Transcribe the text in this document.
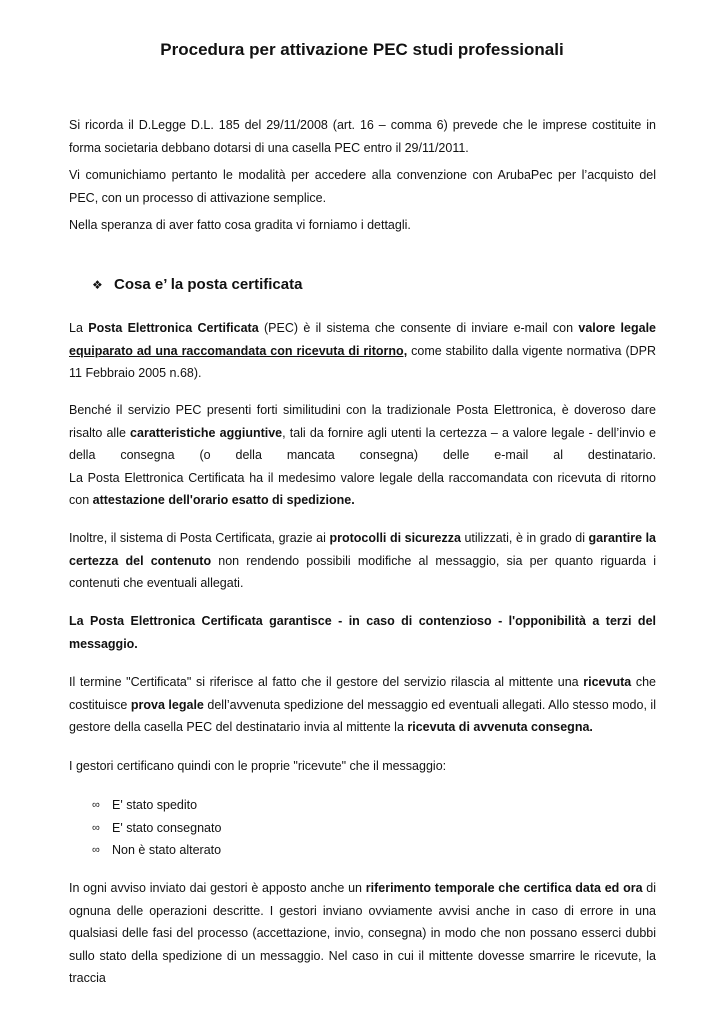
Procedura per attivazione PEC studi professionali

Si ricorda il D.Legge D.L. 185 del 29/11/2008 (art. 16 – comma 6) prevede che le imprese costituite in forma societaria debbano dotarsi di una casella PEC entro il 29/11/2011.

Vi comunichiamo pertanto le modalità per accedere alla convenzione con ArubaPec per l’acquisto del PEC, con un processo di attivazione semplice.

Nella speranza di aver fatto cosa gradita vi forniamo i dettagli.

❖ Cosa e’ la posta certificata

La Posta Elettronica Certificata (PEC) è il sistema che consente di inviare e-mail con valore legale equiparato ad una raccomandata con ricevuta di ritorno, come stabilito dalla vigente normativa (DPR 11 Febbraio 2005 n.68).

Benché il servizio PEC presenti forti similitudini con la tradizionale Posta Elettronica, è doveroso dare risalto alle caratteristiche aggiuntive, tali da fornire agli utenti la certezza – a valore legale - dell’invio e della consegna (o della mancata consegna) delle e-mail al destinatario.

La Posta Elettronica Certificata ha il medesimo valore legale della raccomandata con ricevuta di ritorno con attestazione dell'orario esatto di spedizione.

Inoltre, il sistema di Posta Certificata, grazie ai protocolli di sicurezza utilizzati, è in grado di garantire la certezza del contenuto non rendendo possibili modifiche al messaggio, sia per quanto riguarda i contenuti che eventuali allegati.

La Posta Elettronica Certificata garantisce - in caso di contenzioso - l'opponibilità a terzi del messaggio.

Il termine "Certificata" si riferisce al fatto che il gestore del servizio rilascia al mittente una ricevuta che costituisce prova legale dell’avvenuta spedizione del messaggio ed eventuali allegati. Allo stesso modo, il gestore della casella PEC del destinatario invia al mittente la ricevuta di avvenuta consegna.

I gestori certificano quindi con le proprie "ricevute" che il messaggio:

∞ E' stato spedito
∞ E' stato consegnato
∞ Non è stato alterato

In ogni avviso inviato dai gestori è apposto anche un riferimento temporale che certifica data ed ora di ognuna delle operazioni descritte. I gestori inviano ovviamente avvisi anche in caso di errore in una qualsiasi delle fasi del processo (accettazione, invio, consegna) in modo che non possano esserci dubbi sullo stato della spedizione di un messaggio. Nel caso in cui il mittente dovesse smarrire le ricevute, la traccia
